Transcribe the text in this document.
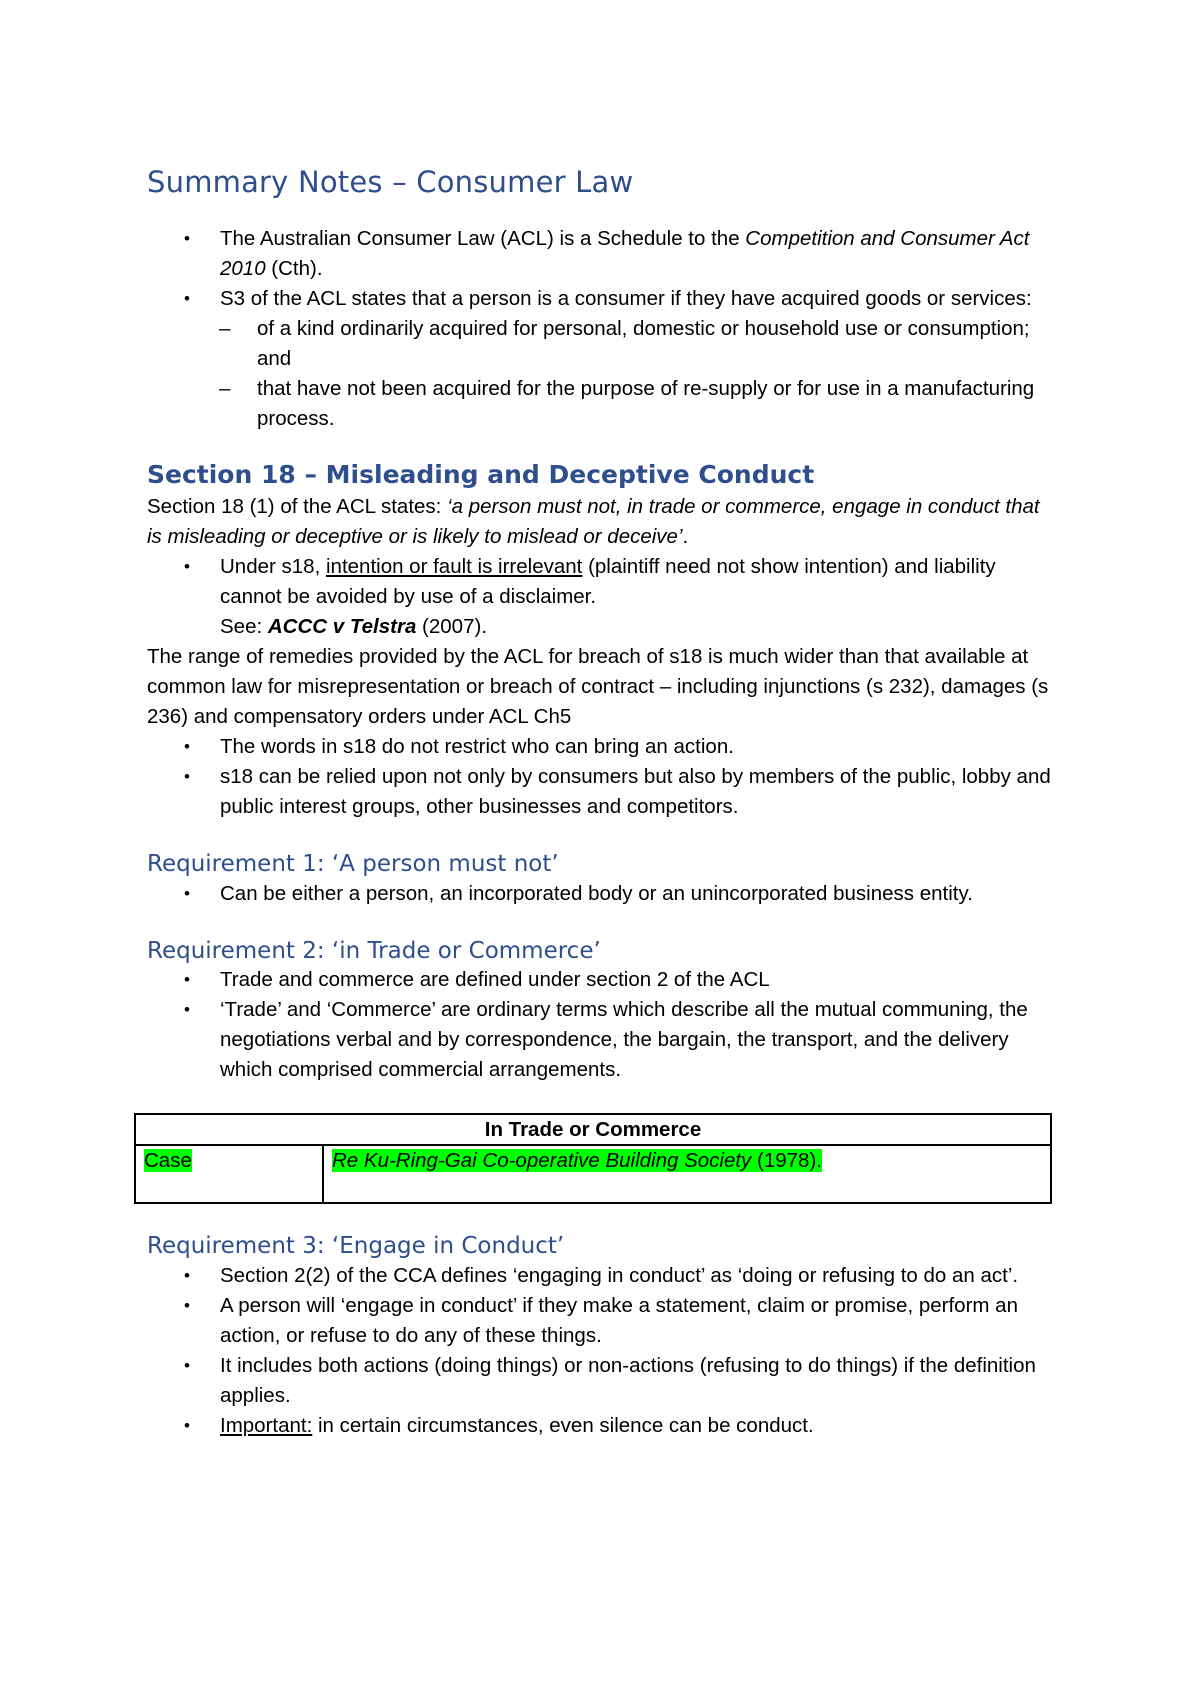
Summary Notes – Consumer Law
• The Australian Consumer Law (ACL) is a Schedule to the Competition and Consumer Act 2010 (Cth).
• S3 of the ACL states that a person is a consumer if they have acquired goods or services:
– of a kind ordinarily acquired for personal, domestic or household use or consumption; and
– that have not been acquired for the purpose of re-supply or for use in a manufacturing process.
Section 18 – Misleading and Deceptive Conduct

Section 18 (1) of the ACL states: ‘a person must not, in trade or commerce, engage in conduct that is misleading or deceptive or is likely to mislead or deceive’.

• Under s18, intention or fault is irrelevant (plaintiff need not show intention) and liability cannot be avoided by use of a disclaimer.
See: ACCC v Telstra (2007).

The range of remedies provided by the ACL for breach of s18 is much wider than that available at common law for misrepresentation or breach of contract – including injunctions (s 232), damages (s 236) and compensatory orders under ACL Ch5

• The words in s18 do not restrict who can bring an action.
• s18 can be relied upon not only by consumers but also by members of the public, lobby and public interest groups, other businesses and competitors.
Requirement 1: ‘A person must not’
• Can be either a person, an incorporated body or an unincorporated business entity.
Requirement 2: ‘in Trade or Commerce’
• Trade and commerce are defined under section 2 of the ACL
• ‘Trade’ and ‘Commerce’ are ordinary terms which describe all the mutual communing, the negotiations verbal and by correspondence, the bargain, the transport, and the delivery which comprised commercial arrangements.
In Trade or Commerce
Case	Re Ku-Ring-Gai Co-operative Building Society (1978).
Requirement 3: ‘Engage in Conduct’
• Section 2(2) of the CCA defines ‘engaging in conduct’ as ‘doing or refusing to do an act’.
• A person will ‘engage in conduct’ if they make a statement, claim or promise, perform an action, or refuse to do any of these things.
• It includes both actions (doing things) or non-actions (refusing to do things) if the definition applies.
• Important: in certain circumstances, even silence can be conduct.
